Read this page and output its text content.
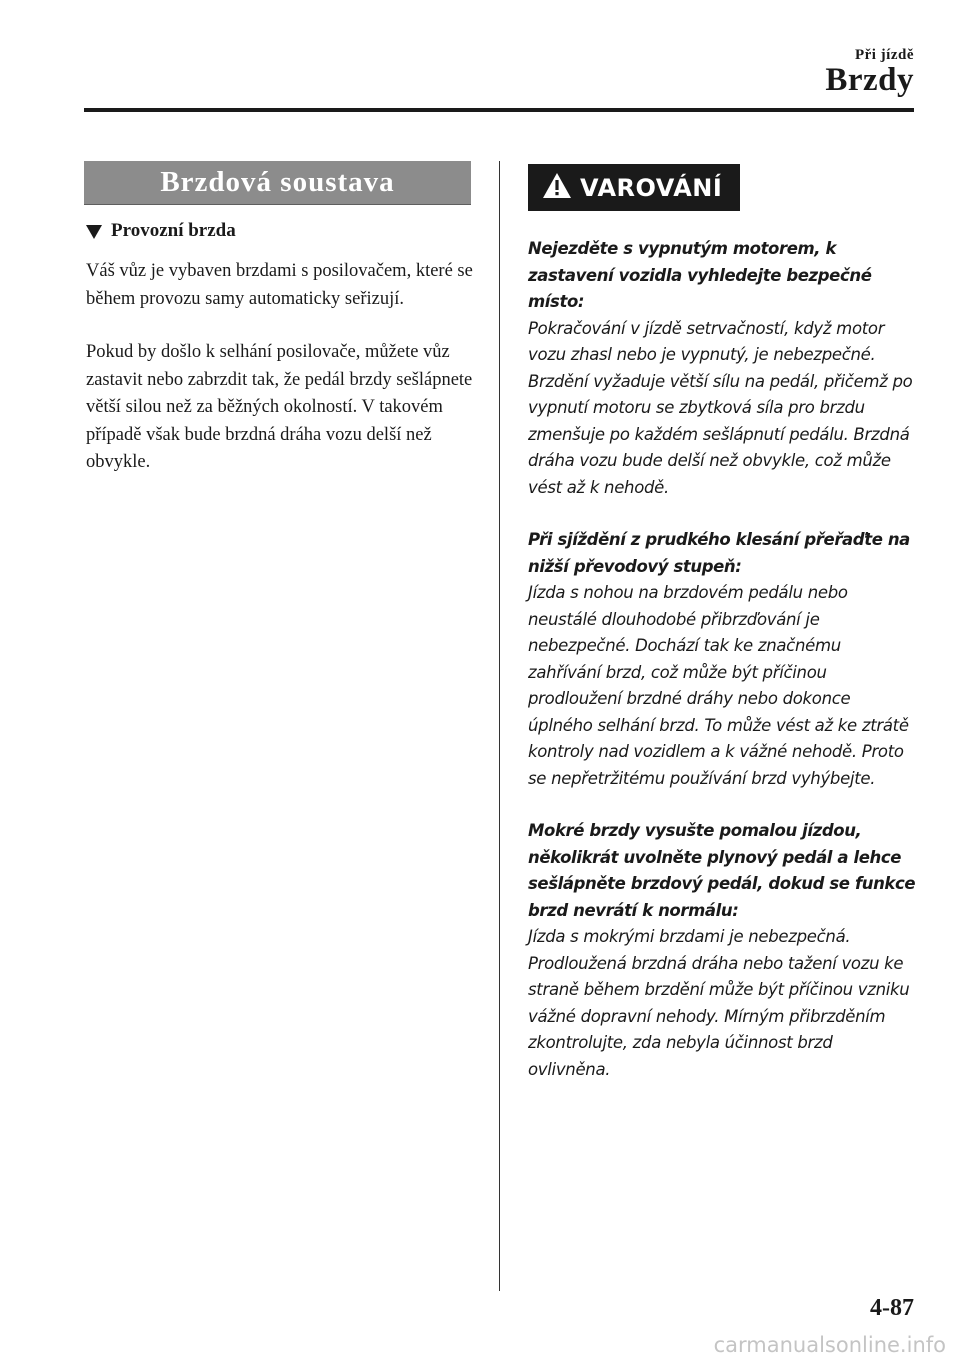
Při jízdě
Brzdy
Brzdová soustava
Provozní brzda

Váš vůz je vybaven brzdami s posilovačem, které se během provozu samy automaticky seřizují.

Pokud by došlo k selhání posilovače, můžete vůz zastavit nebo zabrzdit tak, že pedál brzdy sešlápnete větší silou než za běžných okolností. V takovém případě však bude brzdná dráha vozu delší než obvykle.

VAROVÁNÍ
Nejezděte s vypnutým motorem, k zastavení vozidla vyhledejte bezpečné místo:
Pokračování v jízdě setrvačností, když motor vozu zhasl nebo je vypnutý, je nebezpečné. Brzdění vyžaduje větší sílu na pedál, přičemž po vypnutí motoru se zbytková síla pro brzdu zmenšuje po každém sešlápnutí pedálu. Brzdná dráha vozu bude delší než obvykle, což může vést až k nehodě.
Při sjíždění z prudkého klesání přeřaďte na nižší převodový stupeň:
Jízda s nohou na brzdovém pedálu nebo neustálé dlouhodobé přibrzďování je nebezpečné. Dochází tak ke značnému zahřívání brzd, což může být příčinou prodloužení brzdné dráhy nebo dokonce úplného selhání brzd. To může vést až ke ztrátě kontroly nad vozidlem a k vážné nehodě. Proto se nepřetržitému používání brzd vyhýbejte.
Mokré brzdy vysušte pomalou jízdou, několikrát uvolněte plynový pedál a lehce sešlápněte brzdový pedál, dokud se funkce brzd nevrátí k normálu:
Jízda s mokrými brzdami je nebezpečná. Prodloužená brzdná dráha nebo tažení vozu ke straně během brzdění může být příčinou vzniku vážné dopravní nehody. Mírným přibrzděním zkontrolujte, zda nebyla účinnost brzd ovlivněna.
4-87
carmanualsonline.info
